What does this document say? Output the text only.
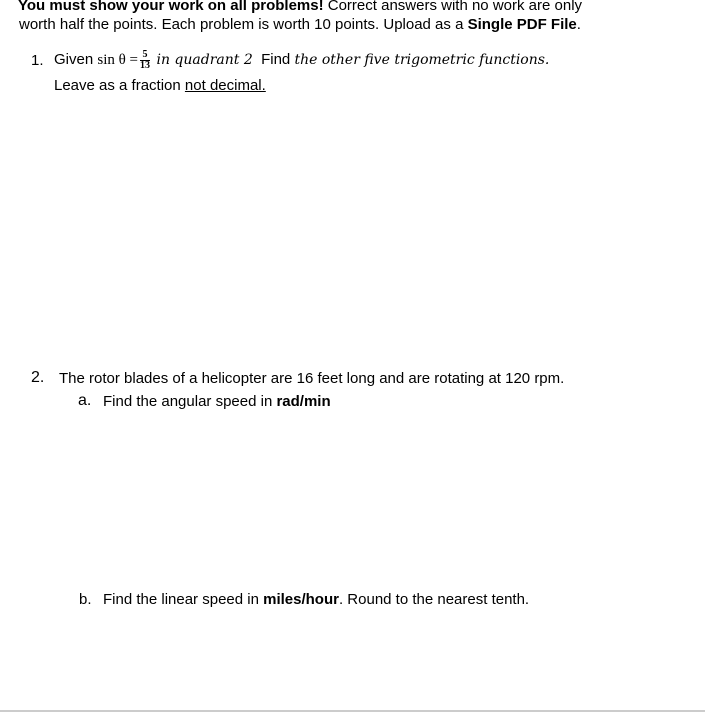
You must show your work on all problems! Correct answers with no work are only
worth half the points. Each problem is worth 10 points. Upload as a Single PDF File.
1. Given $\sin \theta = \frac{5}{13}$ in quadrant 2 Find the other five trigometric functions.
Leave as a fraction not decimal.
2. The rotor blades of a helicopter are 16 feet long and are rotating at 120 rpm.
a. Find the angular speed in rad/min
b. Find the linear speed in miles/hour. Round to the nearest tenth.
